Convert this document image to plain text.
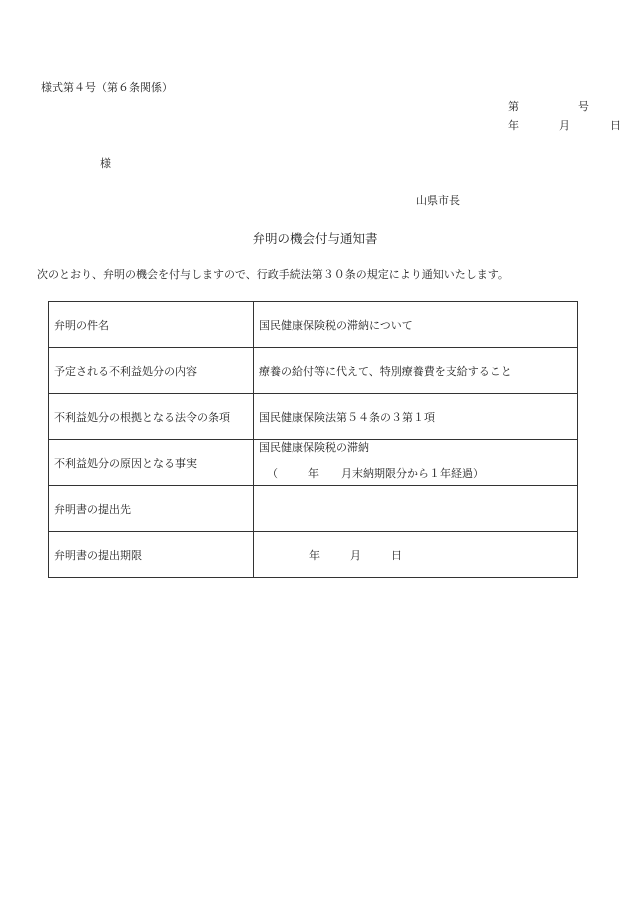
様式第４号（第６条関係）
第	号
年	月	日
様
山県市長
弁明の機会付与通知書
次のとおり、弁明の機会を付与しますので、行政手続法第３０条の規定により通知いたします。
弁明の件名	国民健康保険税の滞納について
予定される不利益処分の内容	療養の給付等に代えて、特別療養費を支給すること
不利益処分の根拠となる法令の条項	国民健康保険法第５４条の３第１項
不利益処分の原因となる事実	国民健康保険税の滞納
（ 年 月末納期限分から１年経過）

弁明書の提出先	
弁明書の提出期限	年 月 日
